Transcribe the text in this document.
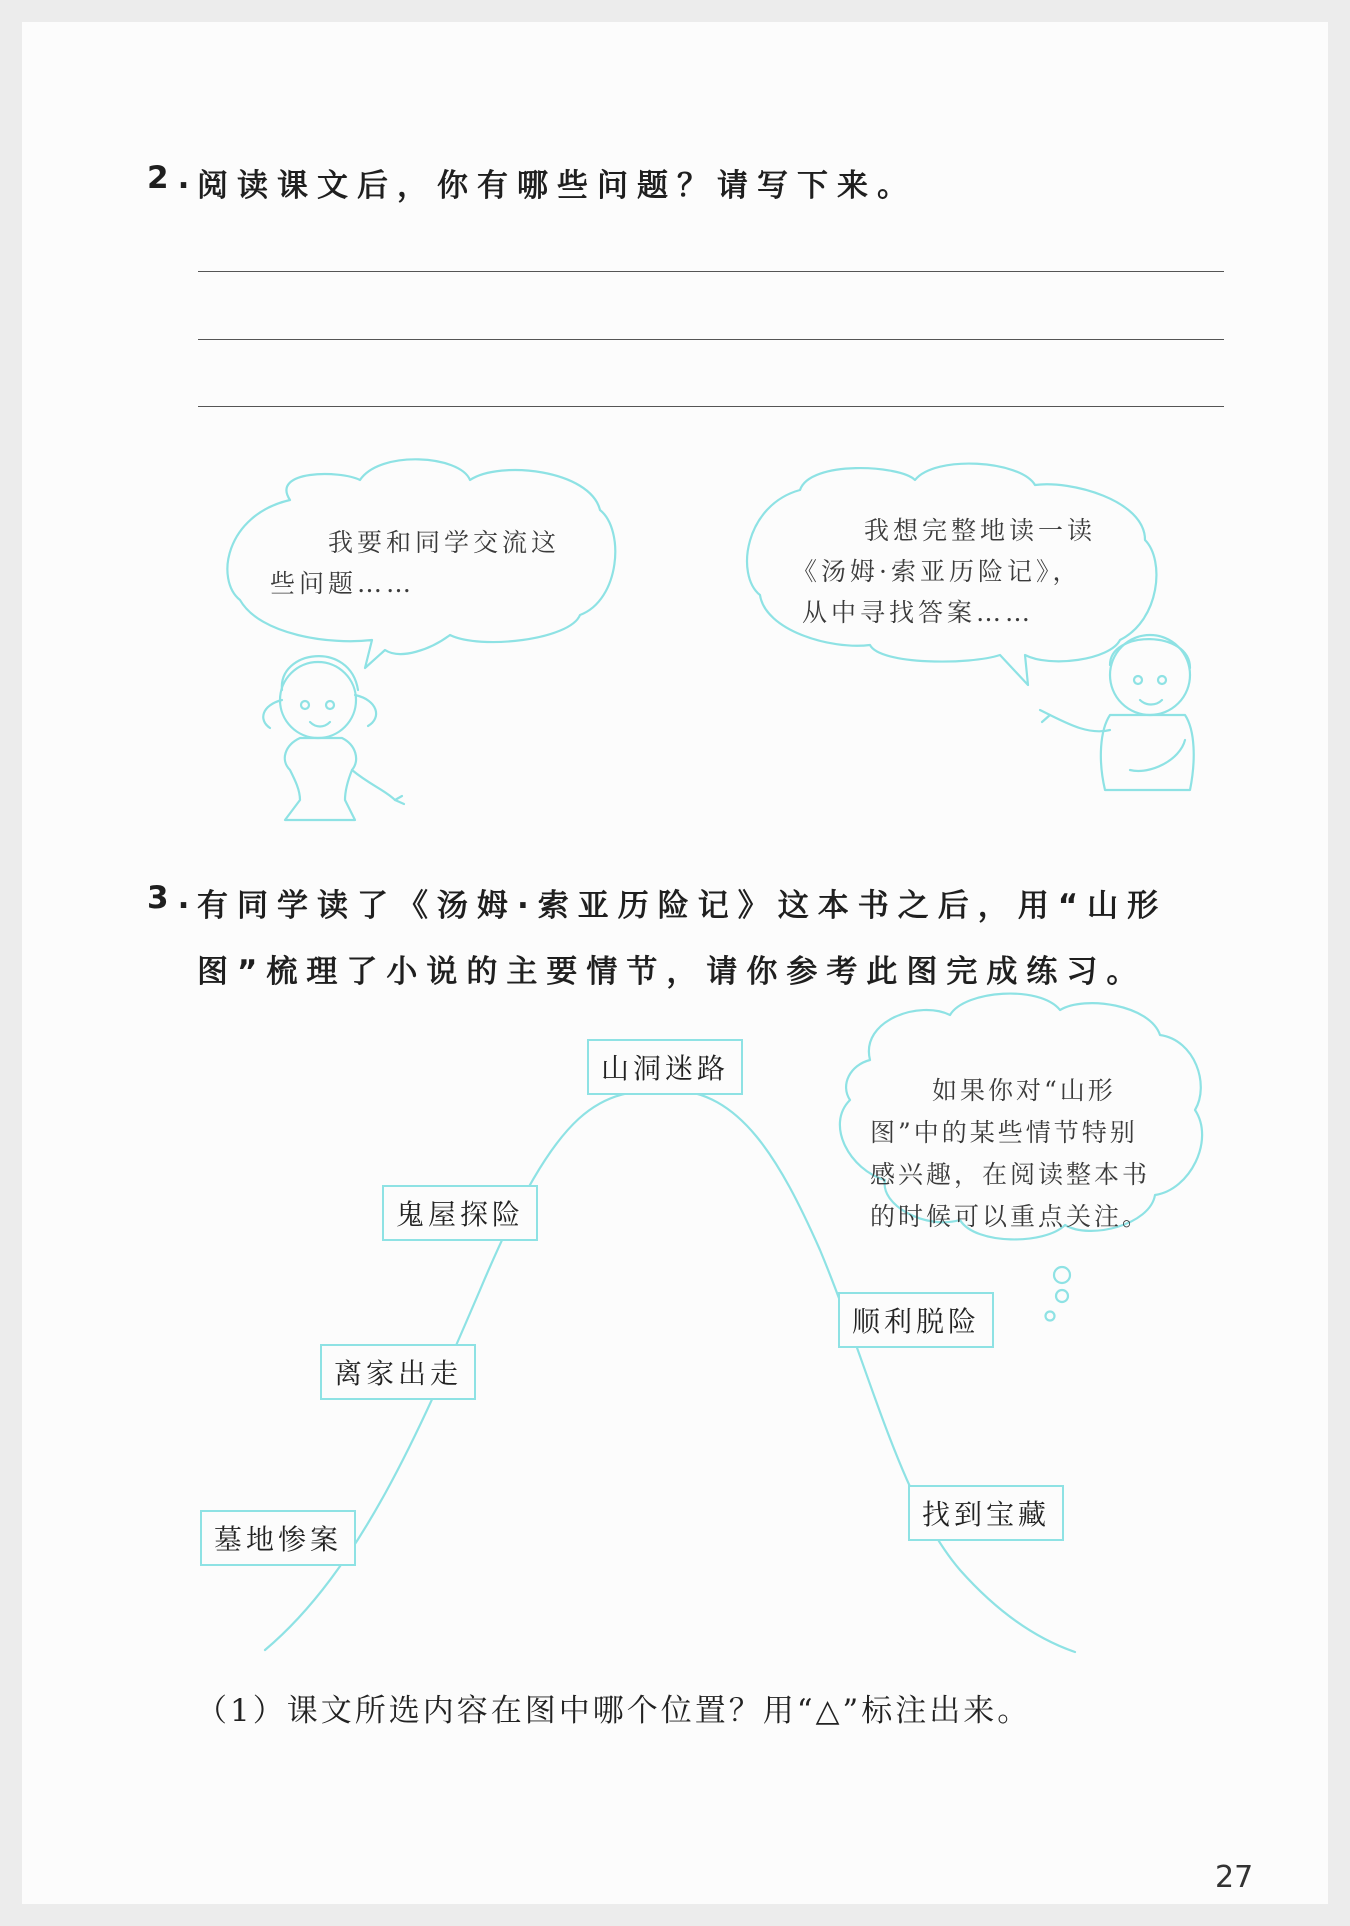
2.
阅读课文后，你有哪些问题？请写下来。
我要和同学交流这
些问题……
我想完整地读一读
《汤姆·索亚历险记》，
从中寻找答案……
3.
有同学读了《汤姆·索亚历险记》这本书之后，用“山形
图”梳理了小说的主要情节，请你参考此图完成练习。
山洞迷路
鬼屋探险
离家出走
墓地惨案
顺利脱险
找到宝藏
如果你对“山形
图”中的某些情节特别
感兴趣，在阅读整本书
的时候可以重点关注。
（1）课文所选内容在图中哪个位置？用“△”标注出来。
27
